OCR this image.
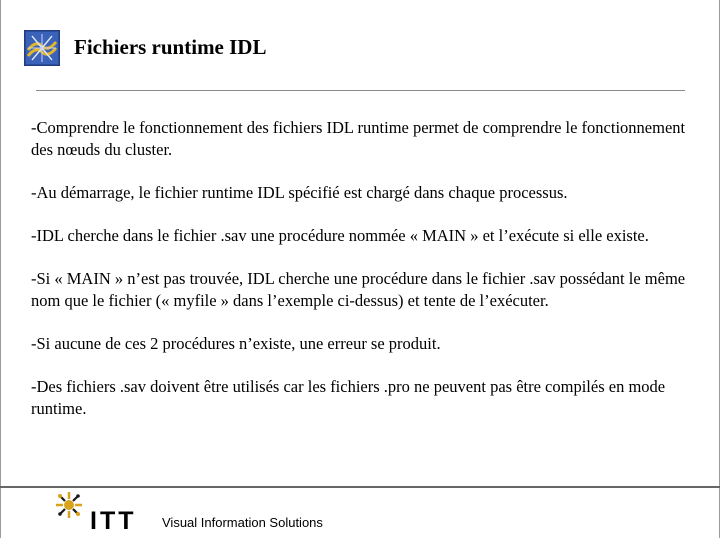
Fichiers runtime IDL

-Comprendre le fonctionnement des fichiers IDL runtime permet de comprendre le fonctionnement des nœuds du cluster.

-Au démarrage, le fichier runtime IDL spécifié est chargé dans chaque processus.

-IDL cherche dans le fichier .sav une procédure nommée « MAIN » et l’exécute si elle existe.

-Si « MAIN » n’est pas trouvée, IDL cherche une procédure dans le fichier .sav possédant le même nom que le fichier (« myfile » dans l’exemple ci-dessus) et tente de l’exécuter.

-Si aucune de ces 2 procédures n’existe, une erreur se produit.

-Des fichiers .sav doivent être utilisés car les fichiers .pro ne peuvent pas être compilés en mode runtime.

ITT Visual Information Solutions
